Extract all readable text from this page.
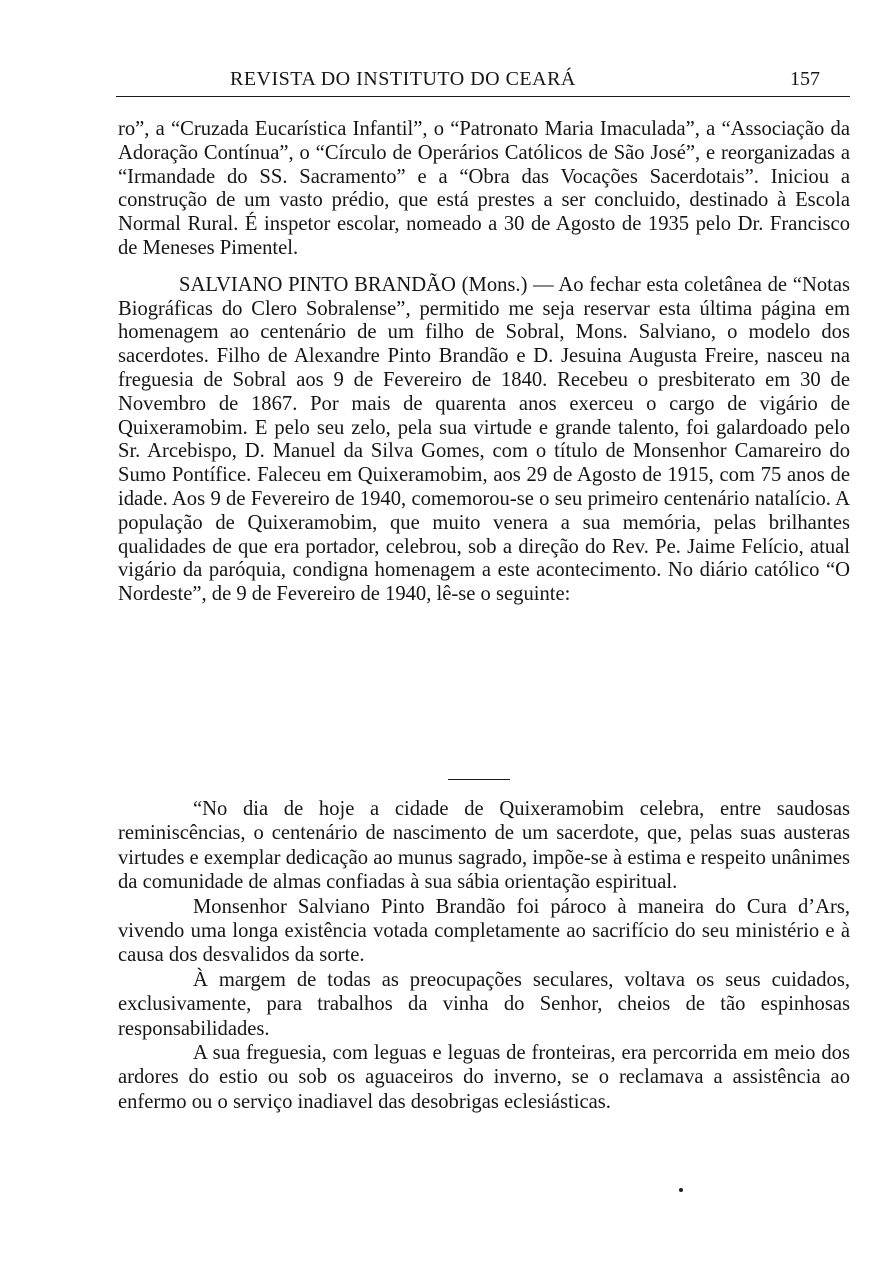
REVISTA DO INSTITUTO DO CEARÁ	157

ro”, a “Cruzada Eucarística Infantil”, o “Patronato Maria Imaculada”, a “Associação da Adoração Contínua”, o “Círculo de Operários Católicos de São José”, e reorganizadas a “Irmandade do SS. Sacramento” e a “Obra das Vocações Sacerdotais”. Iniciou a construção de um vasto prédio, que está prestes a ser concluido, destinado à Escola Normal Rural. É inspetor escolar, nomeado a 30 de Agosto de 1935 pelo Dr. Francisco de Meneses Pimentel.

SALVIANO PINTO BRANDÃO (Mons.) — Ao fechar esta coletânea de “Notas Biográficas do Clero Sobralense”, permitido me seja reservar esta última página em homenagem ao centenário de um filho de Sobral, Mons. Salviano, o modelo dos sacerdotes. Filho de Alexandre Pinto Brandão e D. Jesuina Augusta Freire, nasceu na freguesia de Sobral aos 9 de Fevereiro de 1840. Recebeu o presbiterato em 30 de Novembro de 1867. Por mais de quarenta anos exerceu o cargo de vigário de Quixeramobim. E pelo seu zelo, pela sua virtude e grande talento, foi galardoado pelo Sr. Arcebispo, D. Manuel da Silva Gomes, com o título de Monsenhor Camareiro do Sumo Pontífice. Faleceu em Quixeramobim, aos 29 de Agosto de 1915, com 75 anos de idade. Aos 9 de Fevereiro de 1940, comemorou-se o seu primeiro centenário natalício. A população de Quixeramobim, que muito venera a sua memória, pelas brilhantes qualidades de que era portador, celebrou, sob a direção do Rev. Pe. Jaime Felício, atual vigário da paróquia, condigna homenagem a este acontecimento. No diário católico “O Nordeste”, de 9 de Fevereiro de 1940, lê-se o seguinte:

“No dia de hoje a cidade de Quixeramobim celebra, entre saudosas reminiscências, o centenário de nascimento de um sacerdote, que, pelas suas austeras virtudes e exemplar dedicação ao munus sagrado, impõe-se à estima e respeito unânimes da comunidade de almas confiadas à sua sábia orientação espiritual.

Monsenhor Salviano Pinto Brandão foi pároco à maneira do Cura d’Ars, vivendo uma longa existência votada completamente ao sacrifício do seu ministério e à causa dos desvalidos da sorte.

À margem de todas as preocupações seculares, voltava os seus cuidados, exclusivamente, para trabalhos da vinha do Senhor, cheios de tão espinhosas responsabilidades.

A sua freguesia, com leguas e leguas de fronteiras, era percorrida em meio dos ardores do estio ou sob os aguaceiros do inverno, se o reclamava a assistência ao enfermo ou o serviço inadiavel das desobrigas eclesiásticas.
